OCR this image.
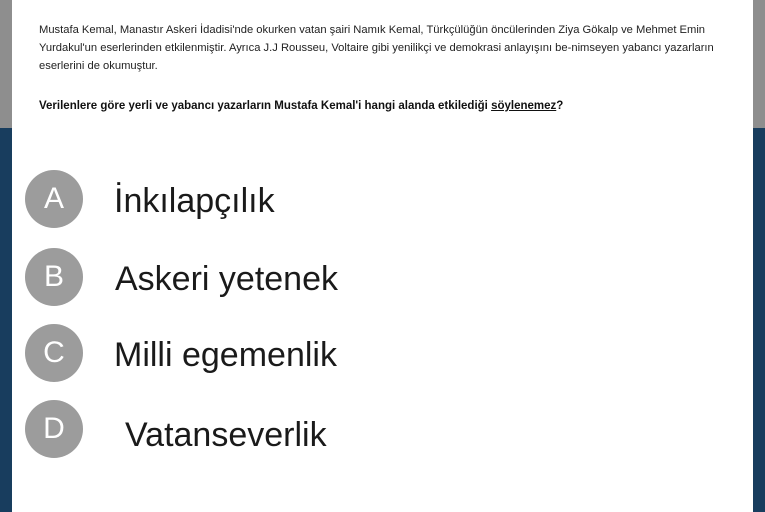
Mustafa Kemal, Manastır Askeri İdadisi'nde okurken vatan şairi Namık Kemal, Türkçülüğün öncülerinden Ziya Gökalp ve Mehmet Emin Yurdakul'un eserlerinden etkilenmiştir. Ayrıca J.J Rousseu, Voltaire gibi yenilikçi ve demokrasi anlayışını be-nimseyen yabancı yazarların eserlerini de okumuştur.

Verilenlere göre yerli ve yabancı yazarların Mustafa Kemal'i hangi alanda etkilediği söylenemez?

A	İnkılapçılık
B	Askeri yetenek
C	Milli egemenlik
D	Vatanseverlik
